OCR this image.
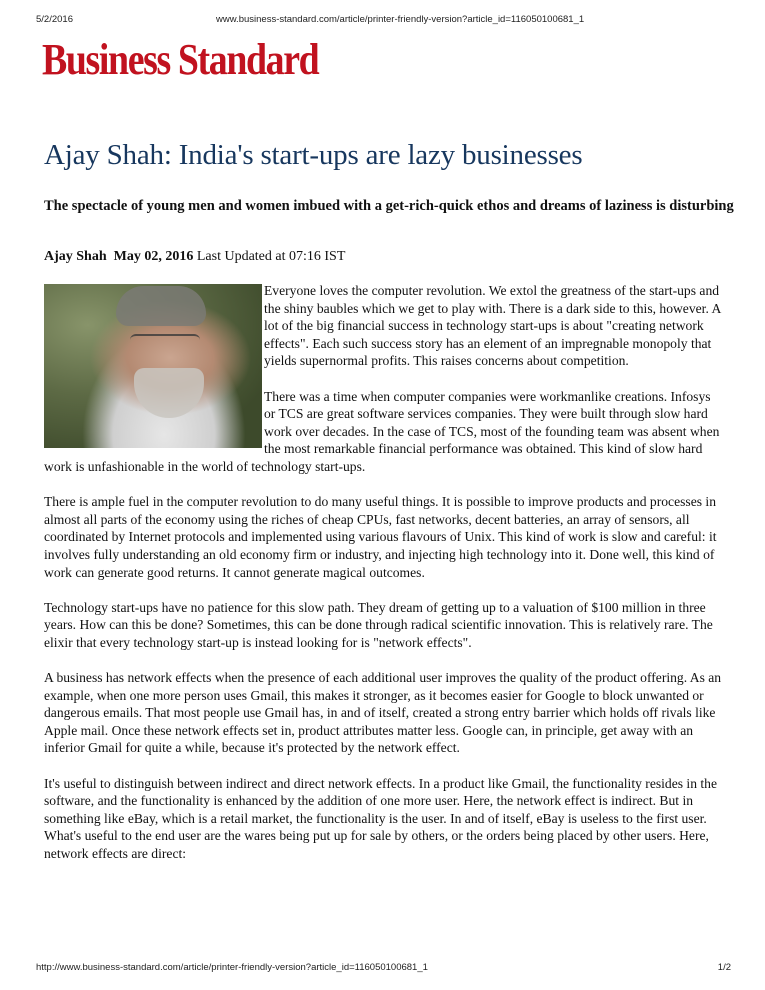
5/2/2016	www.business-standard.com/article/printer-friendly-version?article_id=116050100681_1
Business Standard
Ajay Shah: India's start-ups are lazy businesses

The spectacle of young men and women imbued with a get-rich-quick ethos and dreams of laziness is disturbing

Ajay Shah May 02, 2016 Last Updated at 07:16 IST

Everyone loves the computer revolution. We extol the greatness of the start-ups and the shiny baubles which we get to play with. There is a dark side to this, however. A lot of the big financial success in technology start-ups is about "creating network effects". Each such success story has an element of an impregnable monopoly that yields supernormal profits. This raises concerns about competition.

There was a time when computer companies were workmanlike creations. Infosys or TCS are great software services companies. They were built through slow hard work over decades. In the case of TCS, most of the founding team was absent when the most remarkable financial performance was obtained. This kind of slow hard work is unfashionable in the world of technology start-ups.

There is ample fuel in the computer revolution to do many useful things. It is possible to improve products and processes in almost all parts of the economy using the riches of cheap CPUs, fast networks, decent batteries, an array of sensors, all coordinated by Internet protocols and implemented using various flavours of Unix. This kind of work is slow and careful: it involves fully understanding an old economy firm or industry, and injecting high technology into it. Done well, this kind of work can generate good returns. It cannot generate magical outcomes.

Technology start-ups have no patience for this slow path. They dream of getting up to a valuation of $100 million in three years. How can this be done? Sometimes, this can be done through radical scientific innovation. This is relatively rare. The elixir that every technology start-up is instead looking for is "network effects".

A business has network effects when the presence of each additional user improves the quality of the product offering. As an example, when one more person uses Gmail, this makes it stronger, as it becomes easier for Google to block unwanted or dangerous emails. That most people use Gmail has, in and of itself, created a strong entry barrier which holds off rivals like Apple mail. Once these network effects set in, product attributes matter less. Google can, in principle, get away with an inferior Gmail for quite a while, because it's protected by the network effect.

It's useful to distinguish between indirect and direct network effects. In a product like Gmail, the functionality resides in the software, and the functionality is enhanced by the addition of one more user. Here, the network effect is indirect. But in something like eBay, which is a retail market, the functionality is the user. In and of itself, eBay is useless to the first user. What's useful to the end user are the wares being put up for sale by others, or the orders being placed by other users. Here, network effects are direct:

http://www.business-standard.com/article/printer-friendly-version?article_id=116050100681_1	1/2
